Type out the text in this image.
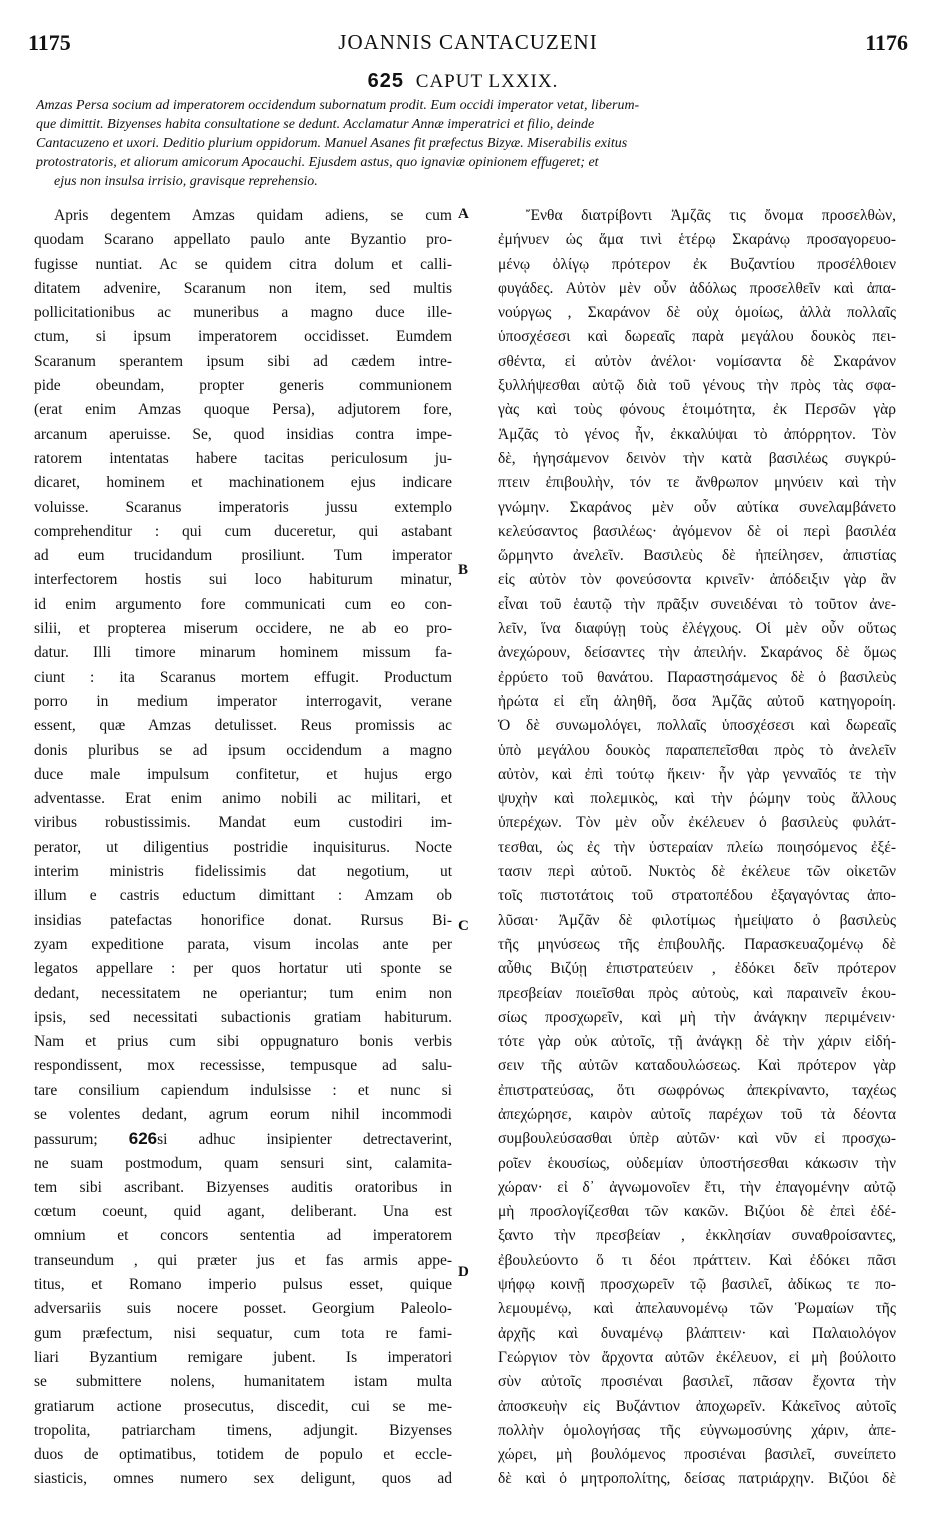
1175	JOANNIS CANTACUZENI	1176
625 CAPUT LXXIX.
Amzas Persa socium ad imperatorem occidendum subornatum prodit. Eum occidi imperator vetat, liberum-
que dimittit. Bizyenses habita consultatione se dedunt. Acclamatur Annæ imperatrici et filio, deinde
Cantacuzeno et uxori. Deditio plurium oppidorum. Manuel Asanes fit præfectus Bizyæ. Miserabilis exitus
protostratoris, et aliorum amicorum Apocauchi. Ejusdem astus, quo ignaviæ opinionem effugeret; et
ejus non insulsa irrisio, gravisque reprehensio.
Apris degentem Amzas quidam adiens, se cum
quodam Scarano appellato paulo ante Byzantio pro-
fugisse nuntiat. Ac se quidem citra dolum et calli-
ditatem advenire, Scaranum non item, sed multis
pollicitationibus ac muneribus a magno duce ille-
ctum, si ipsum imperatorem occidisset. Eumdem
Scaranum sperantem ipsum sibi ad cædem intre-
pide obeundam, propter generis communionem
(erat enim Amzas quoque Persa), adjutorem fore,
arcanum aperuisse. Se, quod insidias contra impe-
ratorem intentatas habere tacitas periculosum ju-
dicaret, hominem et machinationem ejus indicare
voluisse. Scaranus imperatoris jussu extemplo
comprehenditur : qui cum duceretur, qui astabant
ad eum trucidandum prosiliunt. Tum imperator
interfectorem hostis sui loco habiturum minatur,
id enim argumento fore communicati cum eo con-
silii, et propterea miserum occidere, ne ab eo pro-
datur. Illi timore minarum hominem missum fa-
ciunt : ita Scaranus mortem effugit. Productum
porro in medium imperator interrogavit, verane
essent, quæ Amzas detulisset. Reus promissis ac
donis pluribus se ad ipsum occidendum a magno
duce male impulsum confitetur, et hujus ergo
adventasse. Erat enim animo nobili ac militari, et
viribus robustissimis. Mandat eum custodiri im-
perator, ut diligentius postridie inquisiturus. Nocte
interim ministris fidelissimis dat negotium, ut
illum e castris eductum dimittant : Amzam ob
insidias patefactas honorifice donat. Rursus Bi-
zyam expeditione parata, visum incolas ante per
legatos appellare : per quos hortatur uti sponte se
dedant, necessitatem ne operiantur; tum enim non
ipsis, sed necessitati subactionis gratiam habiturum.
Nam et prius cum sibi oppugnaturo bonis verbis
respondissent, mox recessisse, tempusque ad salu-
tare consilium capiendum indulsisse : et nunc si
se volentes dedant, agrum eorum nihil incommodi
passurum; 626si adhuc insipienter detrectaverint,
ne suam postmodum, quam sensuri sint, calamita-
tem sibi ascribant. Bizyenses auditis oratoribus in
cœtum coeunt, quid agant, deliberant. Una est
omnium et concors sententia ad imperatorem
transeundum , qui præter jus et fas armis appe-
titus, et Romano imperio pulsus esset, quique
adversariis suis nocere posset. Georgium Paleolo-
gum præfectum, nisi sequatur, cum tota re fami-
liari Byzantium remigare jubent. Is imperatori
se submittere nolens, humanitatem istam multa
gratiarum actione prosecutus, discedit, cui se me-
tropolita, patriarcham timens, adjungit. Bizyenses
duos de optimatibus, totidem de populo et eccle-
siasticis, omnes numero sex deligunt, quos ad
Ἔνθα διατρίβοντι Ἀμζᾶς τις ὄνομα προσελθὼν,
ἐμήνυεν ὡς ἅμα τινὶ ἑτέρῳ Σκαράνῳ προσαγορευο-
μένῳ ὀλίγῳ πρότερον ἐκ Βυζαντίου προσέλθοιεν
φυγάδες. Αὐτὸν μὲν οὖν ἀδόλως προσελθεῖν καὶ ἀπα-
νούργως , Σκαράνον δὲ οὐχ ὁμοίως, ἀλλὰ πολλαῖς
ὑποσχέσεσι καὶ δωρεαῖς παρὰ μεγάλου δουκὸς πει-
σθέντα, εἰ αὐτὸν ἀνέλοι· νομίσαντα δὲ Σκαράνον
ξυλλήψεσθαι αὐτῷ διὰ τοῦ γένους τὴν πρὸς τὰς σφα-
γὰς καὶ τοὺς φόνους ἑτοιμότητα, ἐκ Περσῶν γὰρ
Ἀμζᾶς τὸ γένος ἦν, ἐκκαλύψαι τὸ ἀπόρρητον. Τὸν
δὲ, ἡγησάμενον δεινὸν τὴν κατὰ βασιλέως συγκρύ-
πτειν ἐπιβουλὴν, τόν τε ἄνθρωπον μηνύειν καὶ τὴν
γνώμην. Σκαράνος μὲν οὖν αὐτίκα συνελαμβάνετο
κελεύσαντος βασιλέως· ἀγόμενον δὲ οἱ περὶ βασιλέα
ὥρμηντο ἀνελεῖν. Βασιλεὺς δὲ ἠπείλησεν, ἀπιστίας
εἰς αὐτὸν τὸν φονεύσοντα κρινεῖν· ἀπόδειξιν γὰρ ἂν
εἶναι τοῦ ἑαυτῷ τὴν πρᾶξιν συνειδέναι τὸ τοῦτον ἀνε-
λεῖν, ἵνα διαφύγῃ τοὺς ἐλέγχους. Οἱ μὲν οὖν οὕτως
ἀνεχώρουν, δείσαντες τὴν ἀπειλήν. Σκαράνος δὲ ὅμως
ἐρρύετο τοῦ θανάτου. Παραστησάμενος δὲ ὁ βασιλεὺς
ἠρώτα εἰ εἴη ἀληθῆ, ὅσα Ἀμζᾶς αὐτοῦ κατηγοροίη.
Ὁ δὲ συνωμολόγει, πολλαῖς ὑποσχέσεσι καὶ δωρεαῖς
ὑπὸ μεγάλου δουκὸς παραπεπεῖσθαι πρὸς τὸ ἀνελεῖν
αὐτὸν, καὶ ἐπὶ τούτῳ ἥκειν· ἦν γὰρ γενναῖός τε τὴν
ψυχὴν καὶ πολεμικὸς, καὶ τὴν ῥώμην τοὺς ἄλλους
ὑπερέχων. Τὸν μὲν οὖν ἐκέλευεν ὁ βασιλεὺς φυλάτ-
τεσθαι, ὡς ἐς τὴν ὑστεραίαν πλείω ποιησόμενος ἐξέ-
τασιν περὶ αὐτοῦ. Νυκτὸς δὲ ἐκέλευε τῶν οἰκετῶν
τοῖς πιστοτάτοις τοῦ στρατοπέδου ἐξαγαγόντας ἀπο-
λῦσαι· Ἀμζᾶν δὲ φιλοτίμως ἠμείψατο ὁ βασιλεὺς
τῆς μηνύσεως τῆς ἐπιβουλῆς. Παρασκευαζομένῳ δὲ
αὖθις Βιζύῃ ἐπιστρατεύειν , ἐδόκει δεῖν πρότερον
πρεσβείαν ποιεῖσθαι πρὸς αὐτοὺς, καὶ παραινεῖν ἑκου-
σίως προσχωρεῖν, καὶ μὴ τὴν ἀνάγκην περιμένειν·
τότε γὰρ οὐκ αὐτοῖς, τῇ ἀνάγκῃ δὲ τὴν χάριν εἰδή-
σειν τῆς αὐτῶν καταδουλώσεως. Καὶ πρότερον γὰρ
ἐπιστρατεύσας, ὅτι σωφρόνως ἀπεκρίναντο, ταχέως
ἀπεχώρησε, καιρὸν αὐτοῖς παρέχων τοῦ τὰ δέοντα
συμβουλεύσασθαι ὑπὲρ αὐτῶν· καὶ νῦν εἰ προσχω-
ροῖεν ἑκουσίως, οὐδεμίαν ὑποστήσεσθαι κάκωσιν τὴν
χώραν· εἰ δ᾽ ἀγνωμονοῖεν ἔτι, τὴν ἐπαγομένην αὐτῷ
μὴ προσλογίζεσθαι τῶν κακῶν. Βιζύοι δὲ ἐπεὶ ἐδέ-
ξαντο τὴν πρεσβείαν , ἐκκλησίαν συναθροίσαντες,
ἐβουλεύοντο ὅ τι δέοι πράττειν. Καὶ ἐδόκει πᾶσι
ψήφῳ κοινῇ προσχωρεῖν τῷ βασιλεῖ, ἀδίκως τε πο-
λεμουμένῳ, καὶ ἀπελαυνομένῳ τῶν Ῥωμαίων τῆς
ἀρχῆς καὶ δυναμένῳ βλάπτειν· καὶ Παλαιολόγον
Γεώργιον τὸν ἄρχοντα αὐτῶν ἐκέλευον, εἰ μὴ βούλοιτο
σὺν αὐτοῖς προσιέναι βασιλεῖ, πᾶσαν ἔχοντα τὴν
ἀποσκευὴν εἰς Βυζάντιον ἀποχωρεῖν. Κἀκεῖνος αὐτοῖς
πολλὴν ὁμολογήσας τῆς εὐγνωμοσύνης χάριν, ἀπε-
χώρει, μὴ βουλόμενος προσιέναι βασιλεῖ, συνείπετο
δὲ καὶ ὁ μητροπολίτης, δείσας πατριάρχην. Βιζύοι δὲ
A
B
C
D
